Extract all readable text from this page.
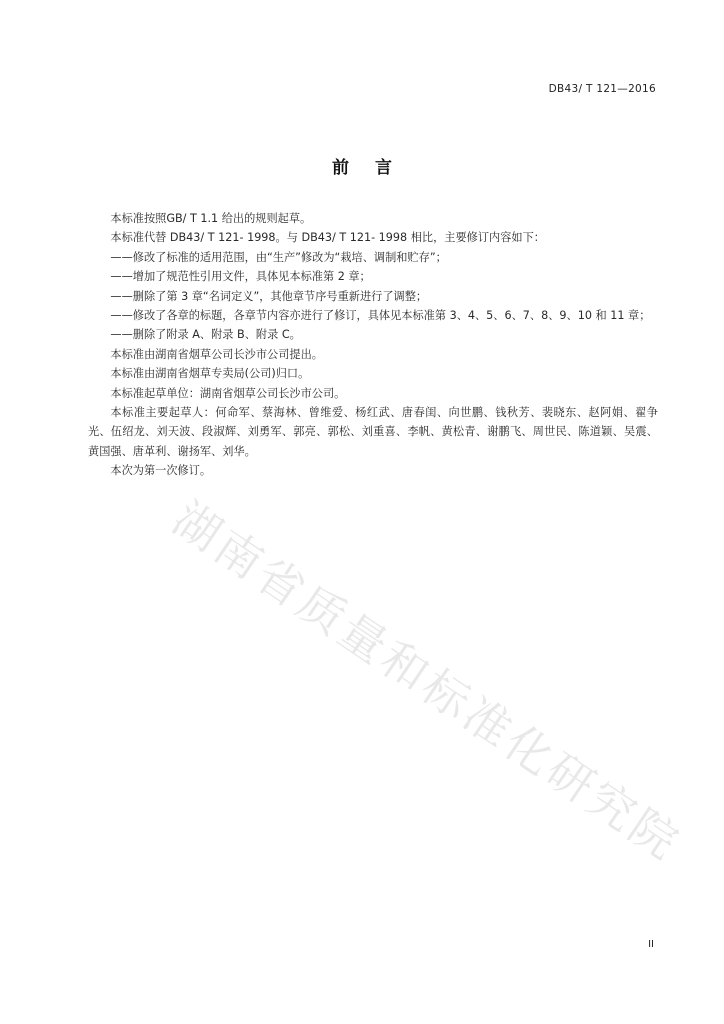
湖南省质量和标准化研究院
DB43/ T 121—2016
前言

本标准按照GB/ T 1.1 给出的规则起草。

本标准代替 DB43/ T 121- 1998。与 DB43/ T 121- 1998 相比，主要修订内容如下：

——修改了标准的适用范围，由“生产”修改为“栽培、调制和贮存”；

——增加了规范性引用文件，具体见本标准第 2 章；

——删除了第 3 章“名词定义”，其他章节序号重新进行了调整；

——修改了各章的标题，各章节内容亦进行了修订，具体见本标准第 3、4、5、6、7、8、9、10 和 11 章；

——删除了附录 A、附录 B、附录 C。

本标准由湖南省烟草公司长沙市公司提出。

本标准由湖南省烟草专卖局(公司)归口。

本标准起草单位：湖南省烟草公司长沙市公司。

本标准主要起草人：何命军、蔡海林、曾维爱、杨红武、唐春闺、向世鹏、钱秋芳、裴晓东、赵阿娟、翟争光、伍绍龙、刘天波、段淑辉、刘勇军、郭亮、郭松、刘重喜、李帆、黄松青、谢鹏飞、周世民、陈道颖、吴震、黄国强、唐革利、谢扬军、刘华。

本次为第一次修订。

II
